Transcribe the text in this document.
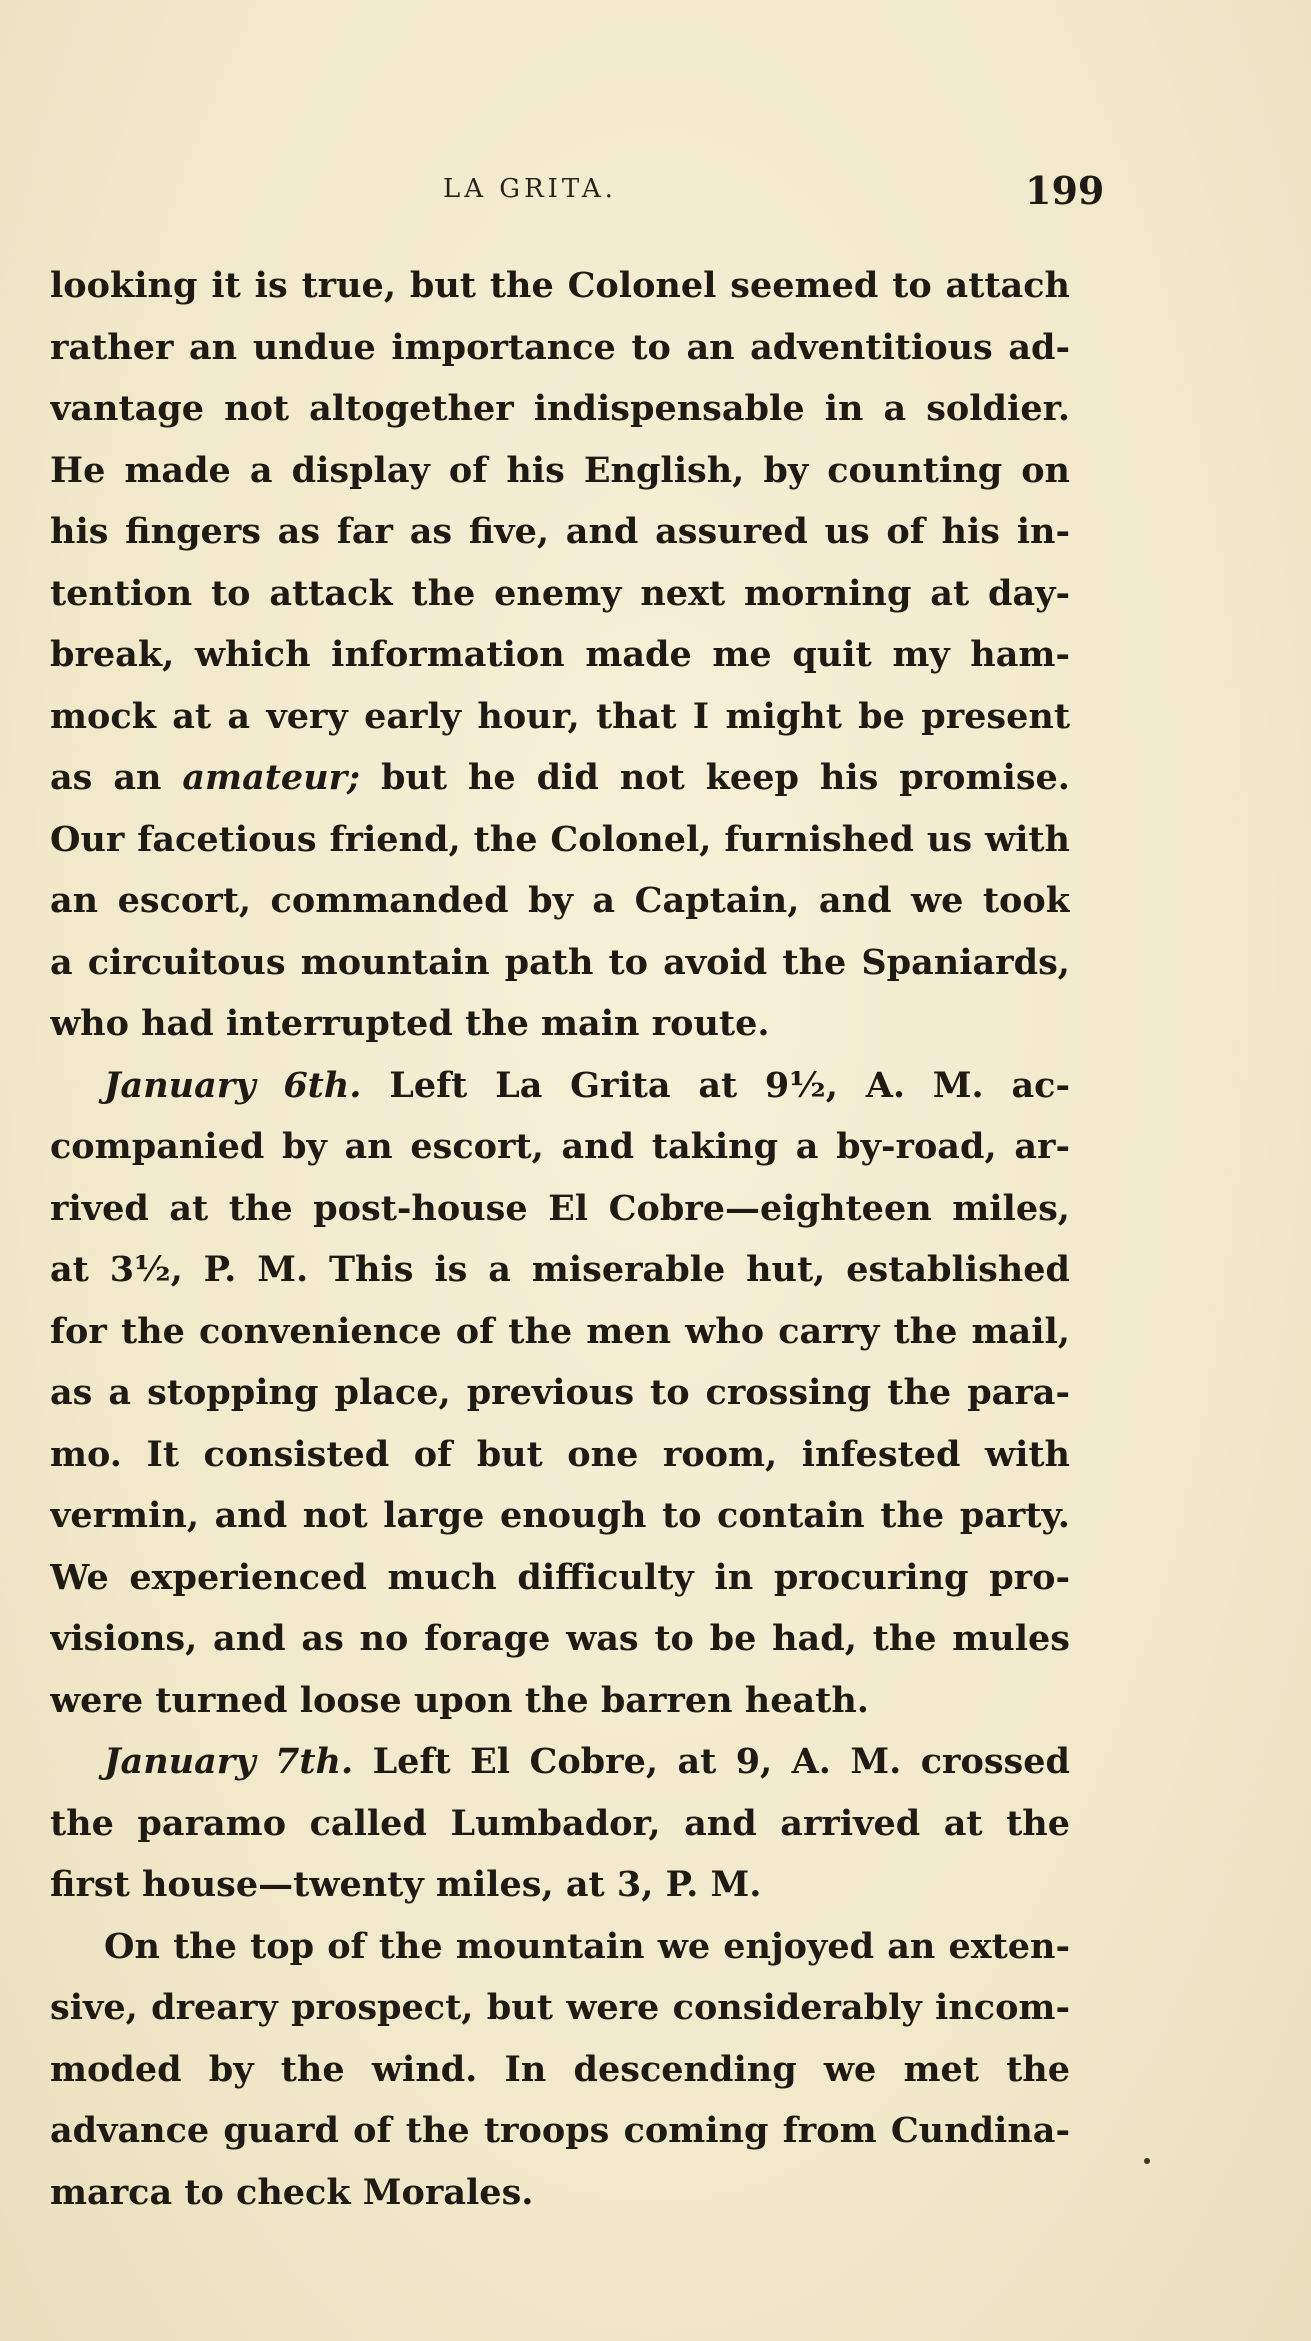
LA GRITA.	199
looking it is true, but the Colonel seemed to attach
rather an undue importance to an adventitious ad-
vantage not altogether indispensable in a soldier.
He made a display of his English, by counting on
his fingers as far as five, and assured us of his in-
tention to attack the enemy next morning at day-
break, which information made me quit my ham-
mock at a very early hour, that I might be present
as an amateur; but he did not keep his promise.
Our facetious friend, the Colonel, furnished us with
an escort, commanded by a Captain, and we took
a circuitous mountain path to avoid the Spaniards,
who had interrupted the main route.
January 6th. Left La Grita at 9½, A. M. ac-
companied by an escort, and taking a by-road, ar-
rived at the post-house El Cobre—eighteen miles,
at 3½, P. M. This is a miserable hut, established
for the convenience of the men who carry the mail,
as a stopping place, previous to crossing the para-
mo. It consisted of but one room, infested with
vermin, and not large enough to contain the party.
We experienced much difficulty in procuring pro-
visions, and as no forage was to be had, the mules
were turned loose upon the barren heath.
January 7th. Left El Cobre, at 9, A. M. crossed
the paramo called Lumbador, and arrived at the
first house—twenty miles, at 3, P. M.
On the top of the mountain we enjoyed an exten-
sive, dreary prospect, but were considerably incom-
moded by the wind. In descending we met the
advance guard of the troops coming from Cundina-
marca to check Morales.
